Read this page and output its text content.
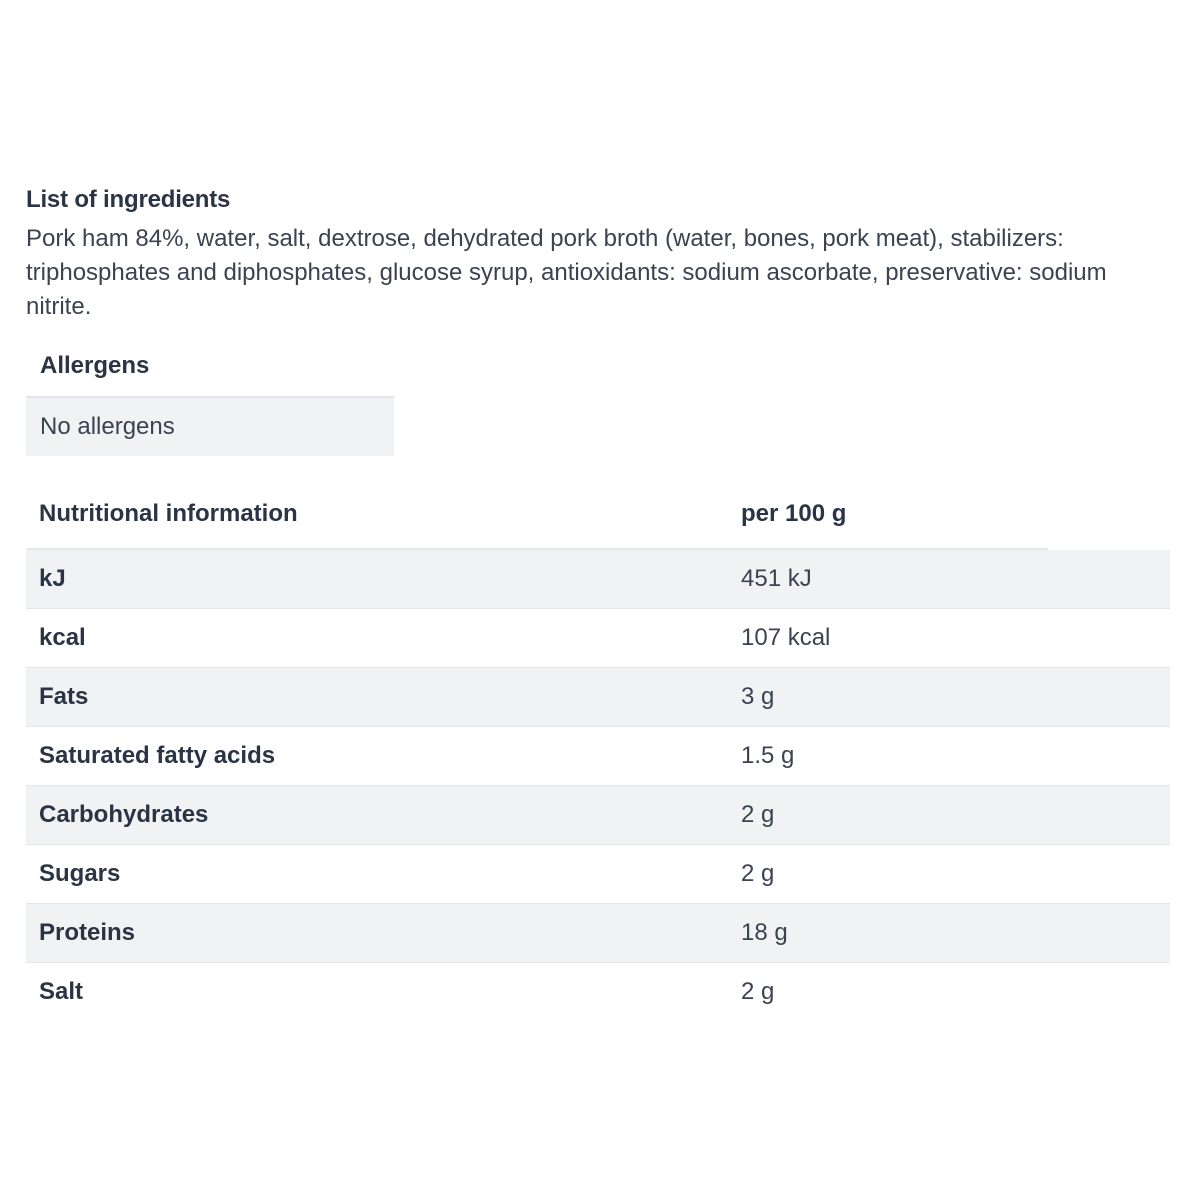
List of ingredients

Pork ham 84%, water, salt, dextrose, dehydrated pork broth (water, bones, pork meat), stabilizers: triphosphates and diphosphates, glucose syrup, antioxidants: sodium ascorbate, preservative: sodium nitrite.

Allergens
No allergens
Nutritional information	per 100 g
kJ	451 kJ
kcal	107 kcal
Fats	3 g
Saturated fatty acids	1.5 g
Carbohydrates	2 g
Sugars	2 g
Proteins	18 g
Salt	2 g
